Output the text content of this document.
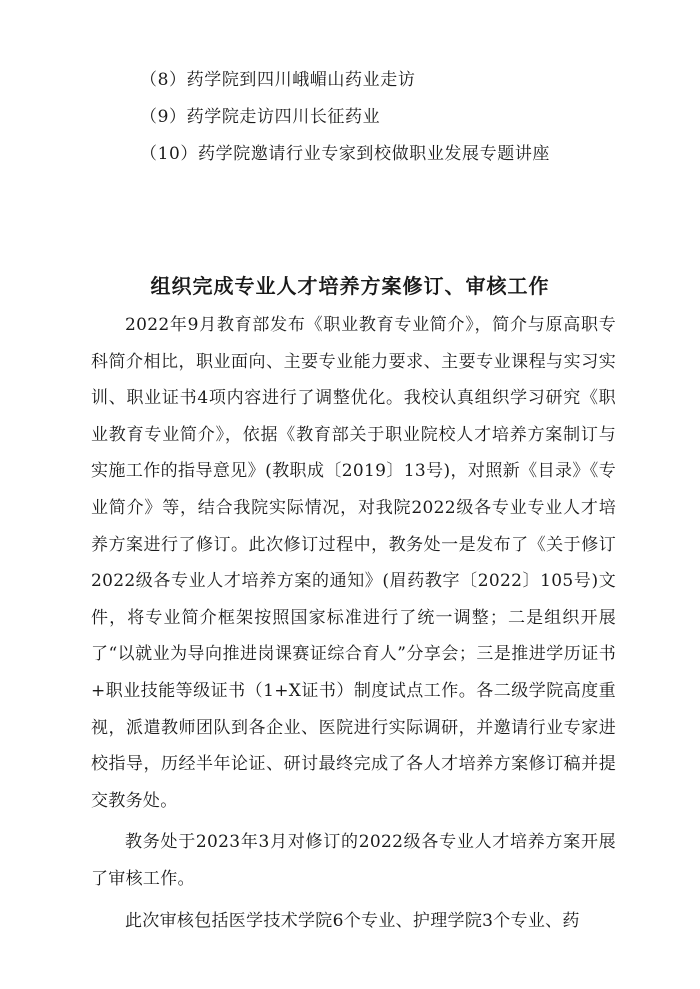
（8）药学院到四川峨嵋山药业走访
（9）药学院走访四川长征药业
（10）药学院邀请行业专家到校做职业发展专题讲座
组织完成专业人才培养方案修订、审核工作

2022年9月教育部发布《职业教育专业简介》，简介与原高职专科简介相比，职业面向、主要专业能力要求、主要专业课程与实习实训、职业证书4项内容进行了调整优化。我校认真组织学习研究《职业教育专业简介》，依据《教育部关于职业院校人才培养方案制订与实施工作的指导意见》(教职成〔2019〕13号)，对照新《目录》《专业简介》等，结合我院实际情况，对我院2022级各专业专业人才培养方案进行了修订。此次修订过程中，教务处一是发布了《关于修订2022级各专业人才培养方案的通知》(眉药教字〔2022〕105号)文件，将专业简介框架按照国家标准进行了统一调整；二是组织开展了“以就业为导向推进岗课赛证综合育人”分享会；三是推进学历证书+职业技能等级证书（1+X证书）制度试点工作。各二级学院高度重视，派遣教师团队到各企业、医院进行实际调研，并邀请行业专家进校指导，历经半年论证、研讨最终完成了各人才培养方案修订稿并提交教务处。

教务处于2023年3月对修订的2022级各专业人才培养方案开展了审核工作。

此次审核包括医学技术学院6个专业、护理学院3个专业、药
